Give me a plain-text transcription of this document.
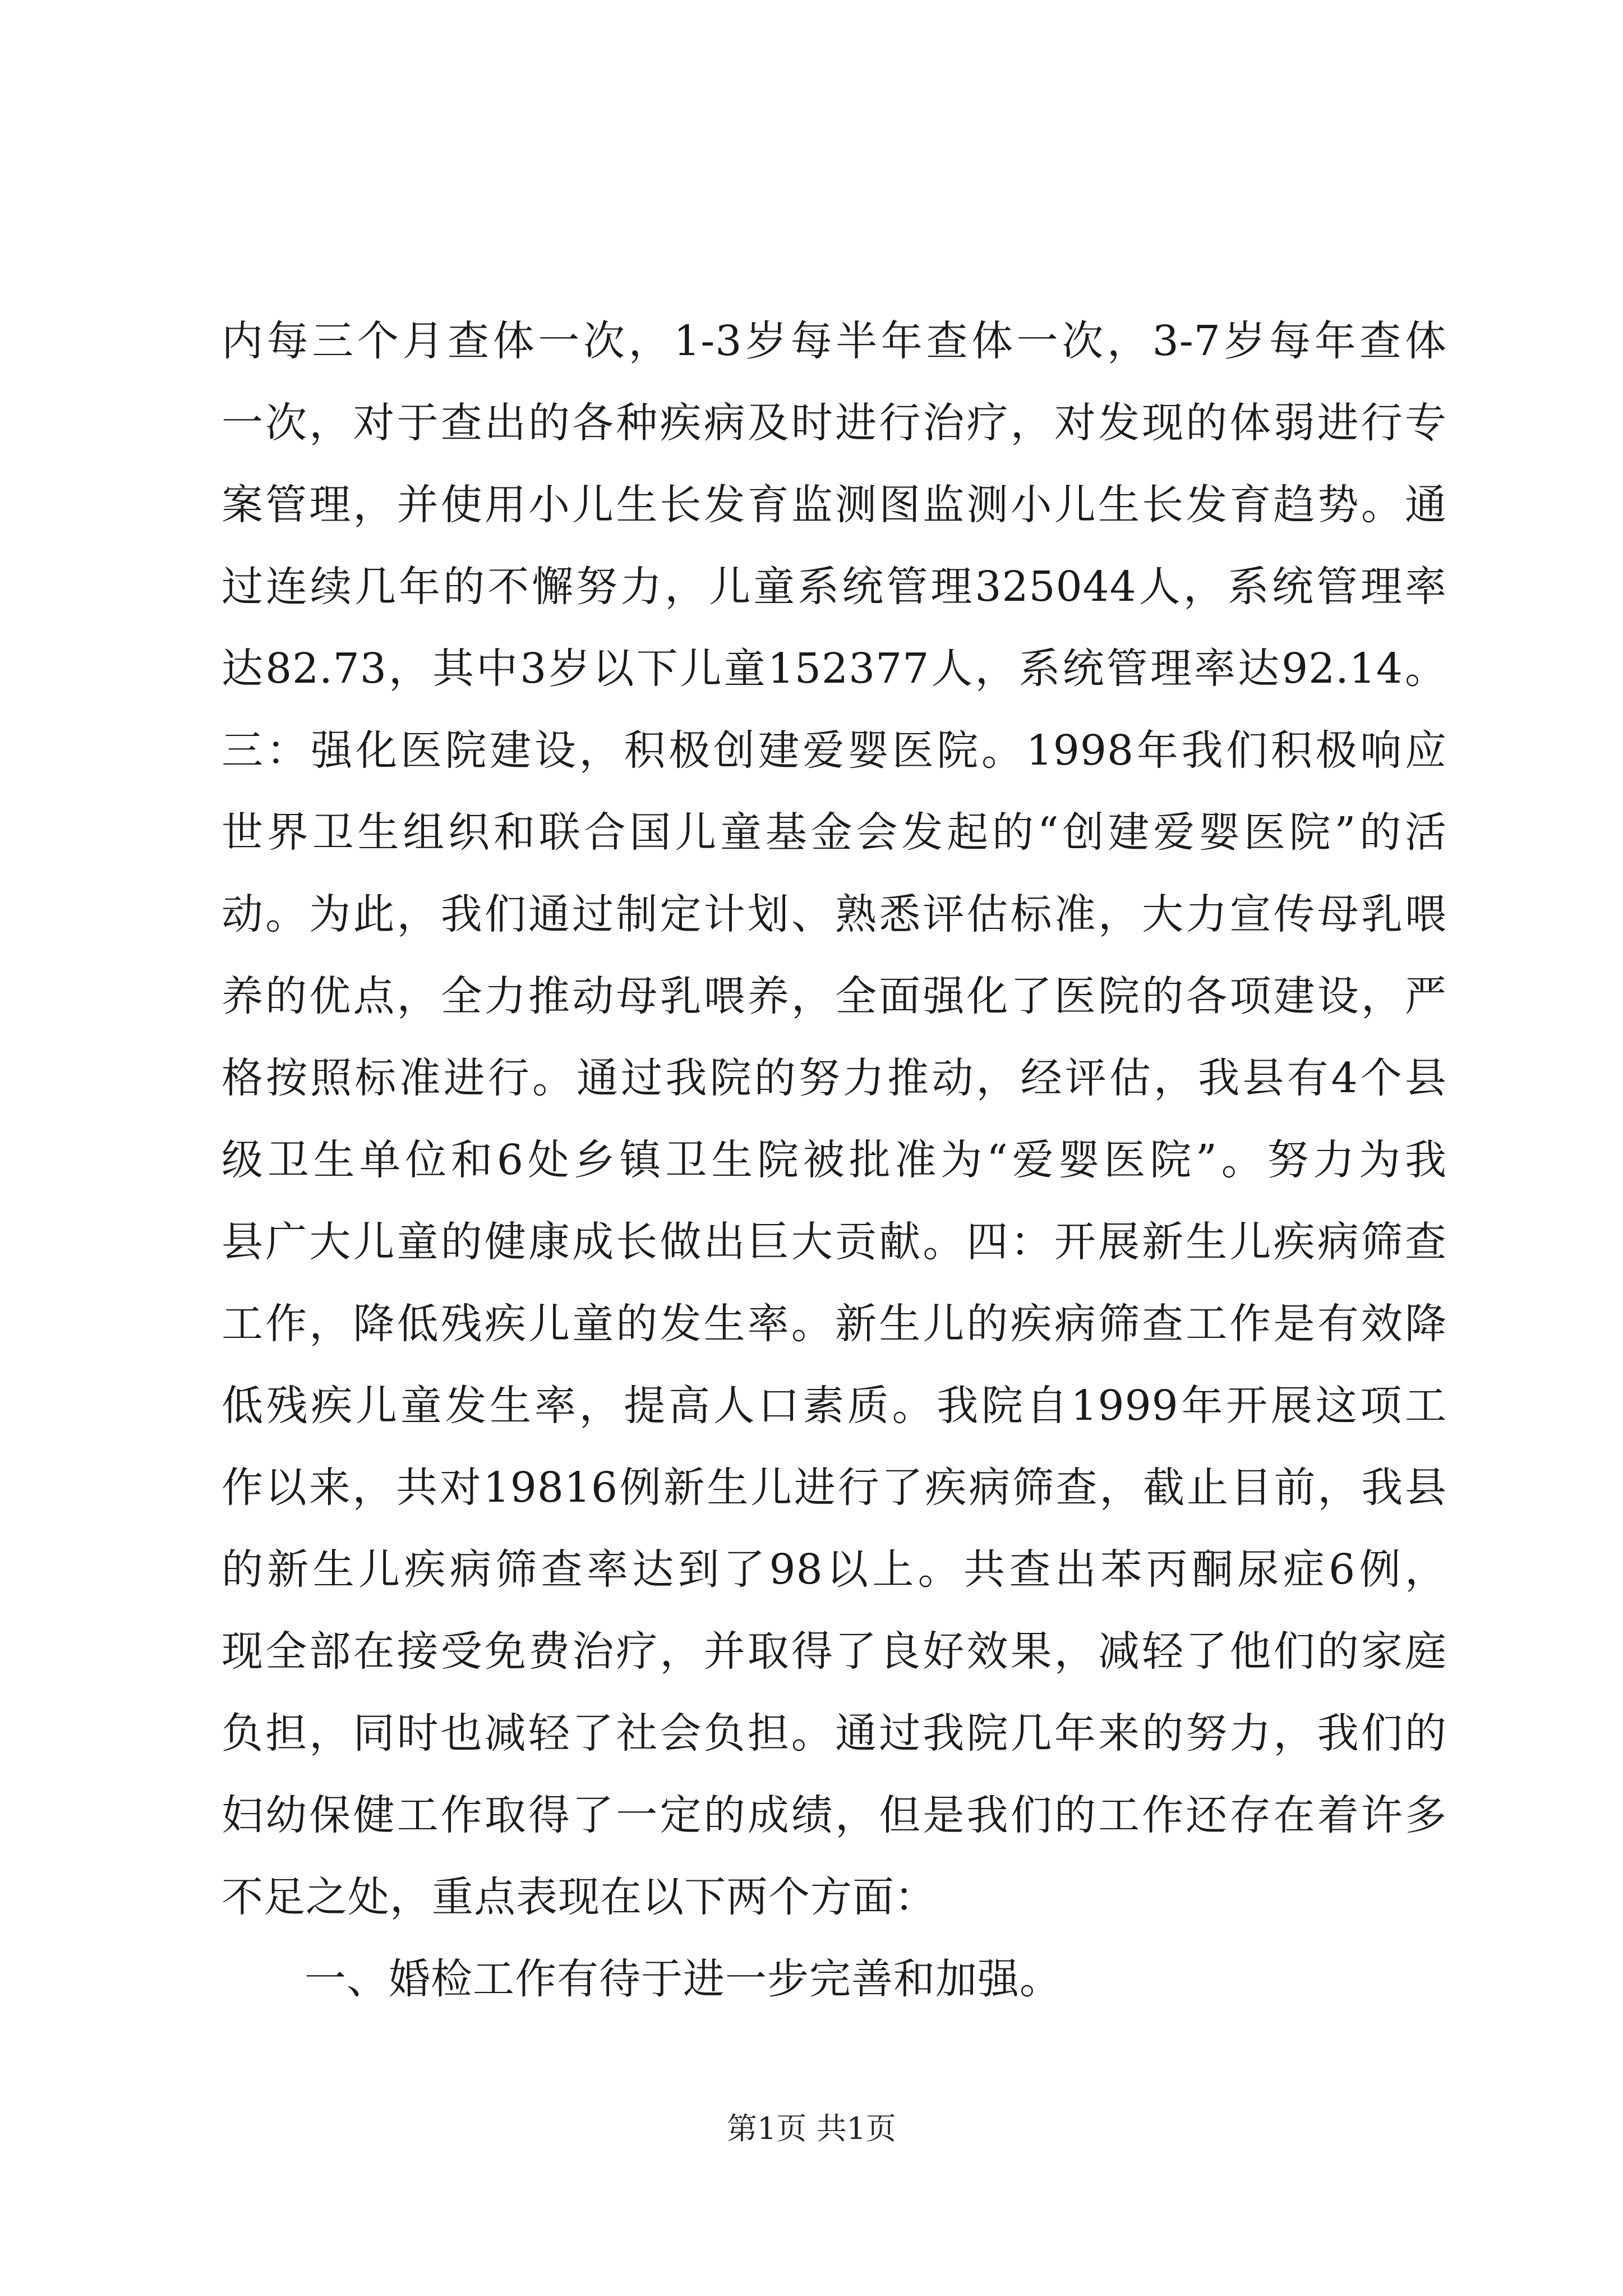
内每三个月查体一次，1-3岁每半年查体一次，3-7岁每年查体
一次，对于查出的各种疾病及时进行治疗，对发现的体弱进行专
案管理，并使用小儿生长发育监测图监测小儿生长发育趋势。通
过连续几年的不懈努力，儿童系统管理325044人，系统管理率
达82.73，其中3岁以下儿童152377人，系统管理率达92.14。
三：强化医院建设，积极创建爱婴医院。1998年我们积极响应
世界卫生组织和联合国儿童基金会发起的“创建爱婴医院”的活
动。为此，我们通过制定计划、熟悉评估标准，大力宣传母乳喂
养的优点，全力推动母乳喂养，全面强化了医院的各项建设，严
格按照标准进行。通过我院的努力推动，经评估，我县有4个县
级卫生单位和6处乡镇卫生院被批准为“爱婴医院”。努力为我
县广大儿童的健康成长做出巨大贡献。四：开展新生儿疾病筛查
工作，降低残疾儿童的发生率。新生儿的疾病筛查工作是有效降
低残疾儿童发生率，提高人口素质。我院自1999年开展这项工
作以来，共对19816例新生儿进行了疾病筛查，截止目前，我县
的新生儿疾病筛查率达到了98以上。共查出苯丙酮尿症6例，
现全部在接受免费治疗，并取得了良好效果，减轻了他们的家庭
负担，同时也减轻了社会负担。通过我院几年来的努力，我们的
妇幼保健工作取得了一定的成绩，但是我们的工作还存在着许多
不足之处，重点表现在以下两个方面：
一、婚检工作有待于进一步完善和加强。
第1页 共1页
